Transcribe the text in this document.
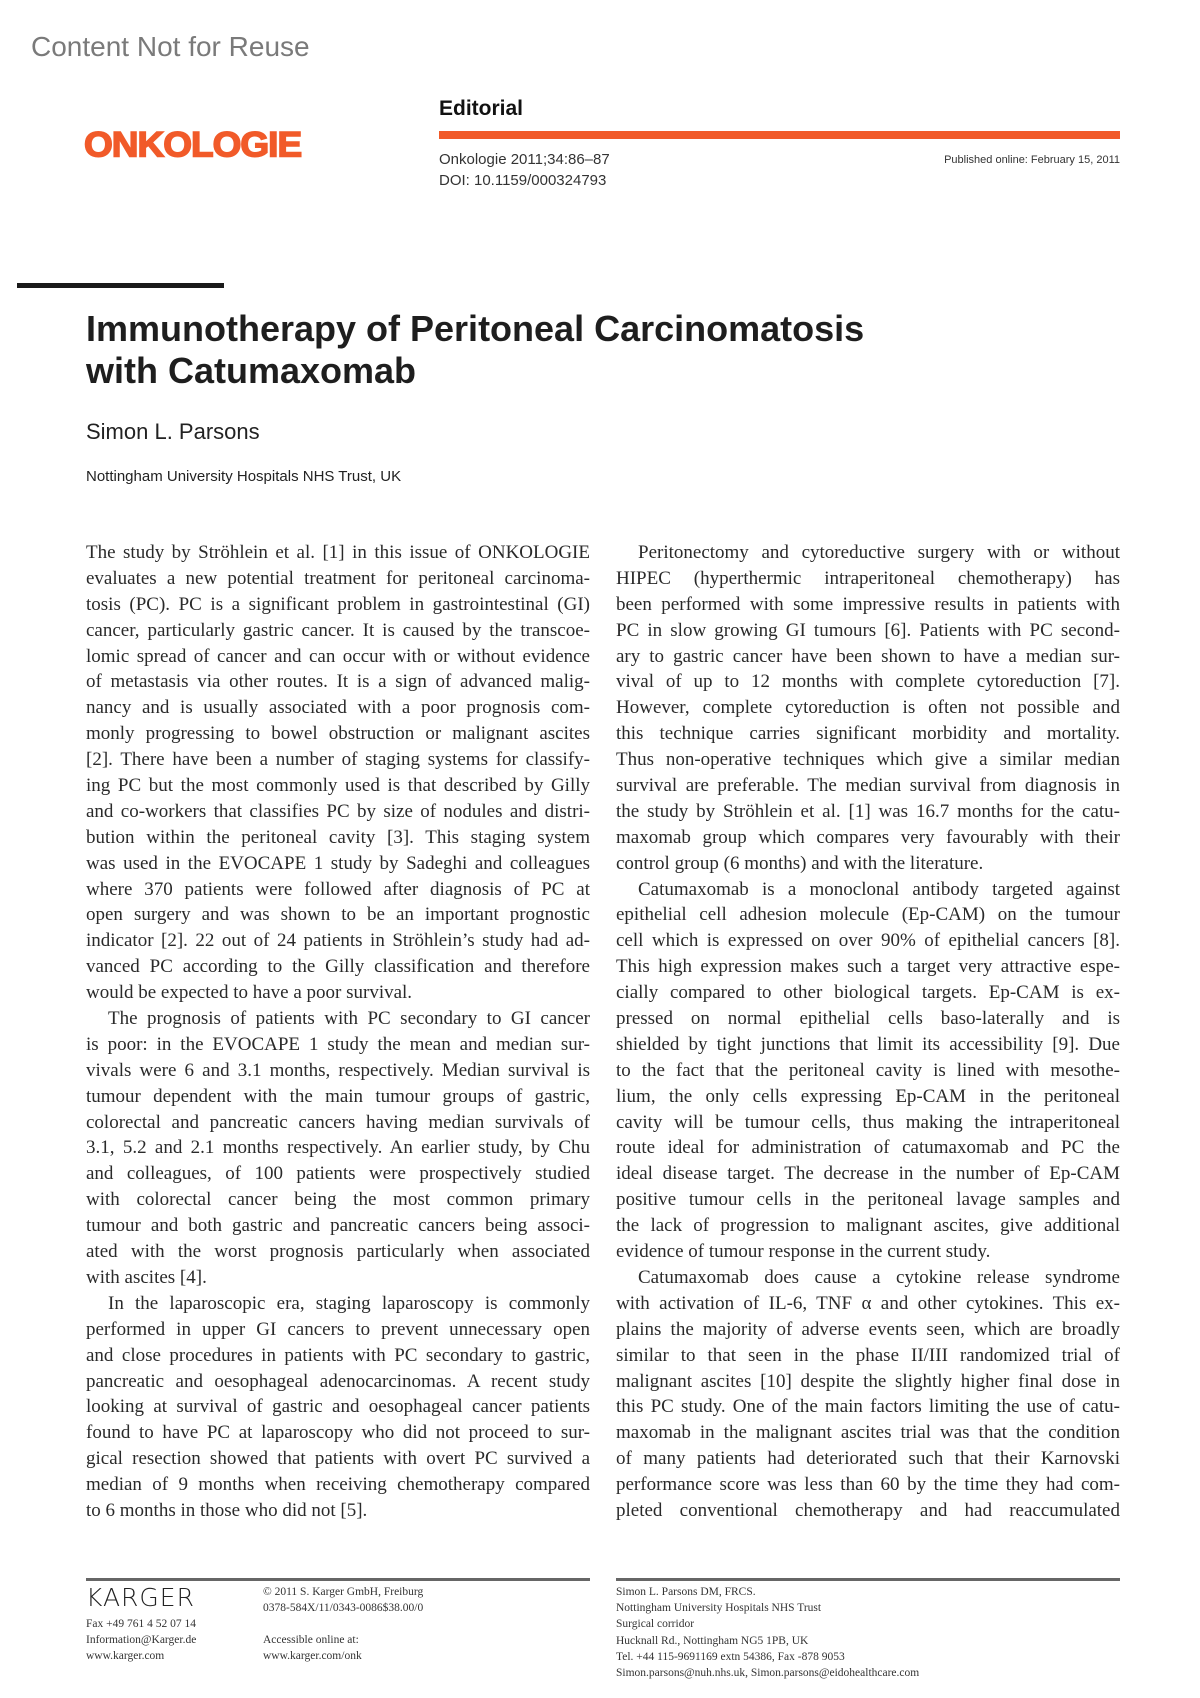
Content Not for Reuse
ONKOLOGIE
Editorial
Onkologie 2011;34:86–87
DOI: 10.1159/000324793
Published online: February 15, 2011
Immunotherapy of Peritoneal Carcinomatosis
with Catumaxomab
Simon L. Parsons
Nottingham University Hospitals NHS Trust, UK
The study by Ströhlein et al. [1] in this issue of ONKOLOGIE
evaluates a new potential treatment for peritoneal carcinoma-
tosis (PC). PC is a significant problem in gastrointestinal (GI)
cancer, particularly gastric cancer. It is caused by the transcoe-
lomic spread of cancer and can occur with or without evidence
of metastasis via other routes. It is a sign of advanced malig-
nancy and is usually associated with a poor prognosis com-
monly progressing to bowel obstruction or malignant ascites
[2]. There have been a number of staging systems for classify-
ing PC but the most commonly used is that described by Gilly
and co-workers that classifies PC by size of nodules and distri-
bution within the peritoneal cavity [3]. This staging system
was used in the EVOCAPE 1 study by Sadeghi and colleagues
where 370 patients were followed after diagnosis of PC at
open surgery and was shown to be an important prognostic
indicator [2]. 22 out of 24 patients in Ströhlein’s study had ad-
vanced PC according to the Gilly classification and therefore
would be expected to have a poor survival.
The prognosis of patients with PC secondary to GI cancer
is poor: in the EVOCAPE 1 study the mean and median sur-
vivals were 6 and 3.1 months, respectively. Median survival is
tumour dependent with the main tumour groups of gastric,
colorectal and pancreatic cancers having median survivals of
3.1, 5.2 and 2.1 months respectively. An earlier study, by Chu
and colleagues, of 100 patients were prospectively studied
with colorectal cancer being the most common primary
tumour and both gastric and pancreatic cancers being associ-
ated with the worst prognosis particularly when associated
with ascites [4].
In the laparoscopic era, staging laparoscopy is commonly
performed in upper GI cancers to prevent unnecessary open
and close procedures in patients with PC secondary to gastric,
pancreatic and oesophageal adenocarcinomas. A recent study
looking at survival of gastric and oesophageal cancer patients
found to have PC at laparoscopy who did not proceed to sur-
gical resection showed that patients with overt PC survived a
median of 9 months when receiving chemotherapy compared
to 6 months in those who did not [5].
Peritonectomy and cytoreductive surgery with or without
HIPEC (hyperthermic intraperitoneal chemotherapy) has
been performed with some impressive results in patients with
PC in slow growing GI tumours [6]. Patients with PC second-
ary to gastric cancer have been shown to have a median sur-
vival of up to 12 months with complete cytoreduction [7].
However, complete cytoreduction is often not possible and
this technique carries significant morbidity and mortality.
Thus non-operative techniques which give a similar median
survival are preferable. The median survival from diagnosis in
the study by Ströhlein et al. [1] was 16.7 months for the catu-
maxomab group which compares very favourably with their
control group (6 months) and with the literature.
Catumaxomab is a monoclonal antibody targeted against
epithelial cell adhesion molecule (Ep-CAM) on the tumour
cell which is expressed on over 90% of epithelial cancers [8].
This high expression makes such a target very attractive espe-
cially compared to other biological targets. Ep-CAM is ex-
pressed on normal epithelial cells baso-laterally and is
shielded by tight junctions that limit its accessibility [9]. Due
to the fact that the peritoneal cavity is lined with mesothe-
lium, the only cells expressing Ep-CAM in the peritoneal
cavity will be tumour cells, thus making the intraperitoneal
route ideal for administration of catumaxomab and PC the
ideal disease target. The decrease in the number of Ep-CAM
positive tumour cells in the peritoneal lavage samples and
the lack of progression to malignant ascites, give additional
evidence of tumour response in the current study.
Catumaxomab does cause a cytokine release syndrome
with activation of IL-6, TNF α and other cytokines. This ex-
plains the majority of adverse events seen, which are broadly
similar to that seen in the phase II/III randomized trial of
malignant ascites [10] despite the slightly higher final dose in
this PC study. One of the main factors limiting the use of catu-
maxomab in the malignant ascites trial was that the condition
of many patients had deteriorated such that their Karnovski
performance score was less than 60 by the time they had com-
pleted conventional chemotherapy and had reaccumulated
KARGER
Fax +49 761 4 52 07 14
Information@Karger.de
www.karger.com
© 2011 S. Karger GmbH, Freiburg
0378-584X/11/0343-0086$38.00/0
Accessible online at:
www.karger.com/onk
Simon L. Parsons DM, FRCS.
Nottingham University Hospitals NHS Trust
Surgical corridor
Hucknall Rd., Nottingham NG5 1PB, UK
Tel. +44 115-9691169 extn 54386, Fax -878 9053
Simon.parsons@nuh.nhs.uk, Simon.parsons@eidohealthcare.com
